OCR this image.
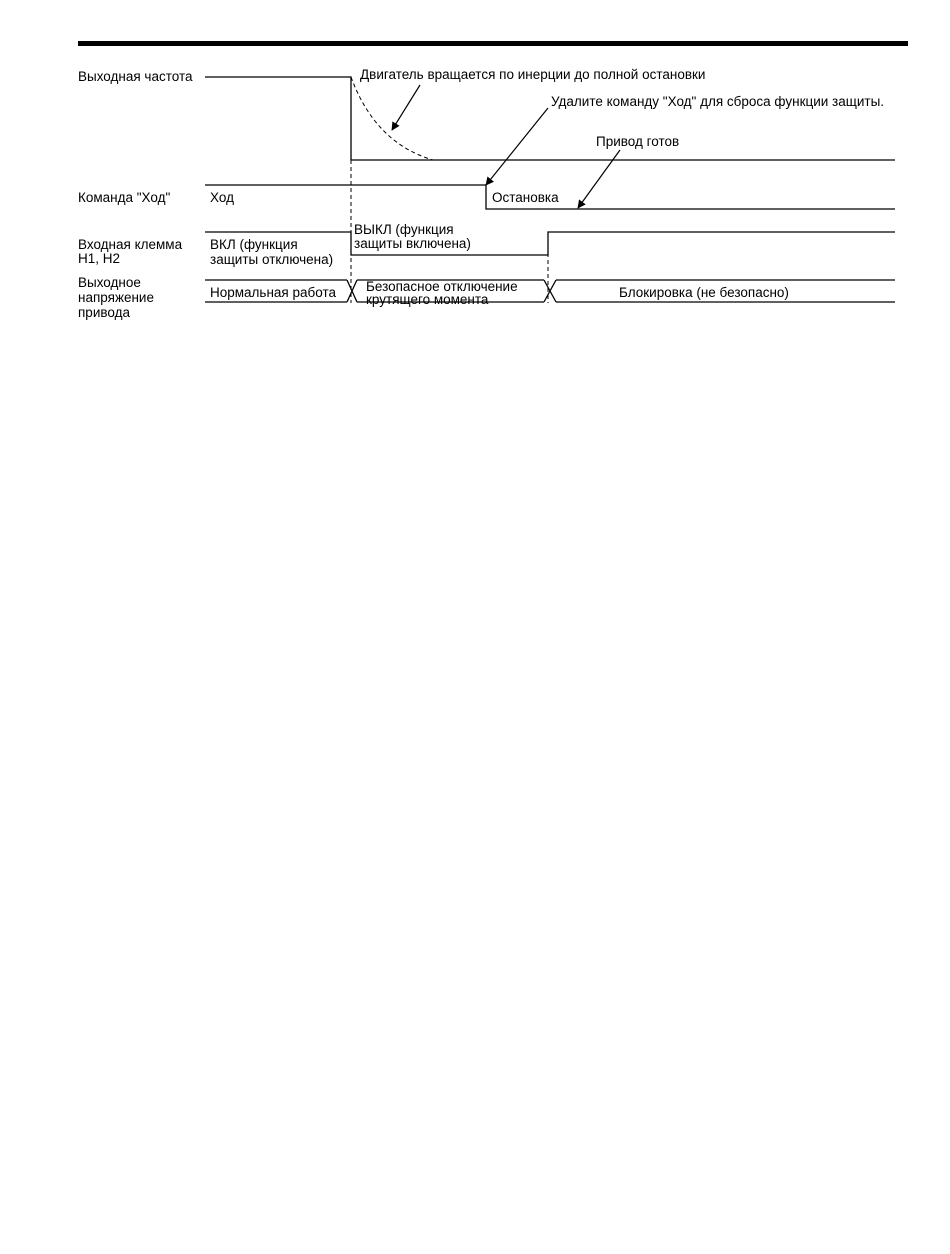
Выходная частота
Команда "Ход"
Входная клемма
H1, H2
Выходное
напряжение
привода
Двигатель вращается по инерции до полной остановки
Удалите команду "Ход" для сброса функции защиты.
Привод готов
Ход	Остановка
ВКЛ (функция
защиты отключена)
ВЫКЛ (функция
защиты включена)
Нормальная работа Безопасное отключение
крутящего момента	Блокировка (не безопасно)
